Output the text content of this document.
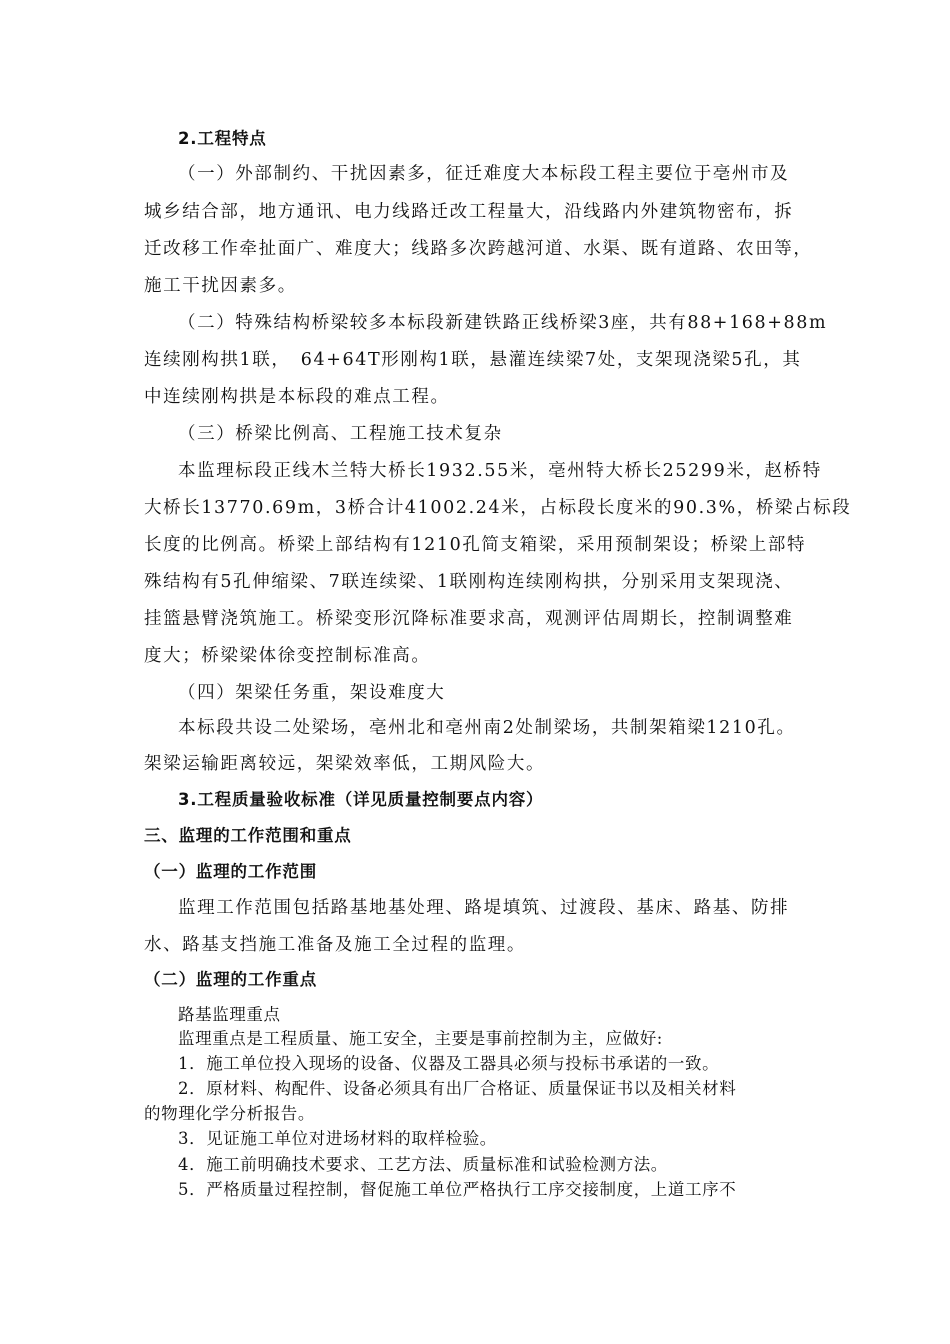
2.工程特点

（一）外部制约、干扰因素多，征迁难度大本标段工程主要位于亳州市及

城乡结合部，地方通讯、电力线路迁改工程量大，沿线路内外建筑物密布，拆

迁改移工作牵扯面广、难度大；线路多次跨越河道、水渠、既有道路、农田等，

施工干扰因素多。

（二）特殊结构桥梁较多本标段新建铁路正线桥梁3座，共有88+168+88m

连续刚构拱1联，　64+64T形刚构1联，悬灌连续梁7处，支架现浇梁5孔，其

中连续刚构拱是本标段的难点工程。

（三）桥梁比例高、工程施工技术复杂

本监理标段正线木兰特大桥长1932.55米，亳州特大桥长25299米，赵桥特

大桥长13770.69m，3桥合计41002.24米，占标段长度米的90.3%，桥梁占标段

长度的比例高。桥梁上部结构有1210孔简支箱梁，采用预制架设；桥梁上部特

殊结构有5孔伸缩梁、7联连续梁、1联刚构连续刚构拱，分别采用支架现浇、

挂篮悬臂浇筑施工。桥梁变形沉降标准要求高，观测评估周期长，控制调整难

度大；桥梁梁体徐变控制标准高。

（四）架梁任务重，架设难度大

本标段共设二处梁场，亳州北和亳州南2处制梁场，共制架箱梁1210孔。

架梁运输距离较远，架梁效率低，工期风险大。

3.工程质量验收标准（详见质量控制要点内容）

三、监理的工作范围和重点

（一）监理的工作范围

监理工作范围包括路基地基处理、路堤填筑、过渡段、基床、路基、防排

水、路基支挡施工准备及施工全过程的监理。

（二）监理的工作重点

路基监理重点

监理重点是工程质量、施工安全，主要是事前控制为主，应做好:

1．施工单位投入现场的设备、仪器及工器具必须与投标书承诺的一致。

2．原材料、构配件、设备必须具有出厂合格证、质量保证书以及相关材料

的物理化学分析报告。

3．见证施工单位对进场材料的取样检验。

4．施工前明确技术要求、工艺方法、质量标准和试验检测方法。

5．严格质量过程控制，督促施工单位严格执行工序交接制度，上道工序不
